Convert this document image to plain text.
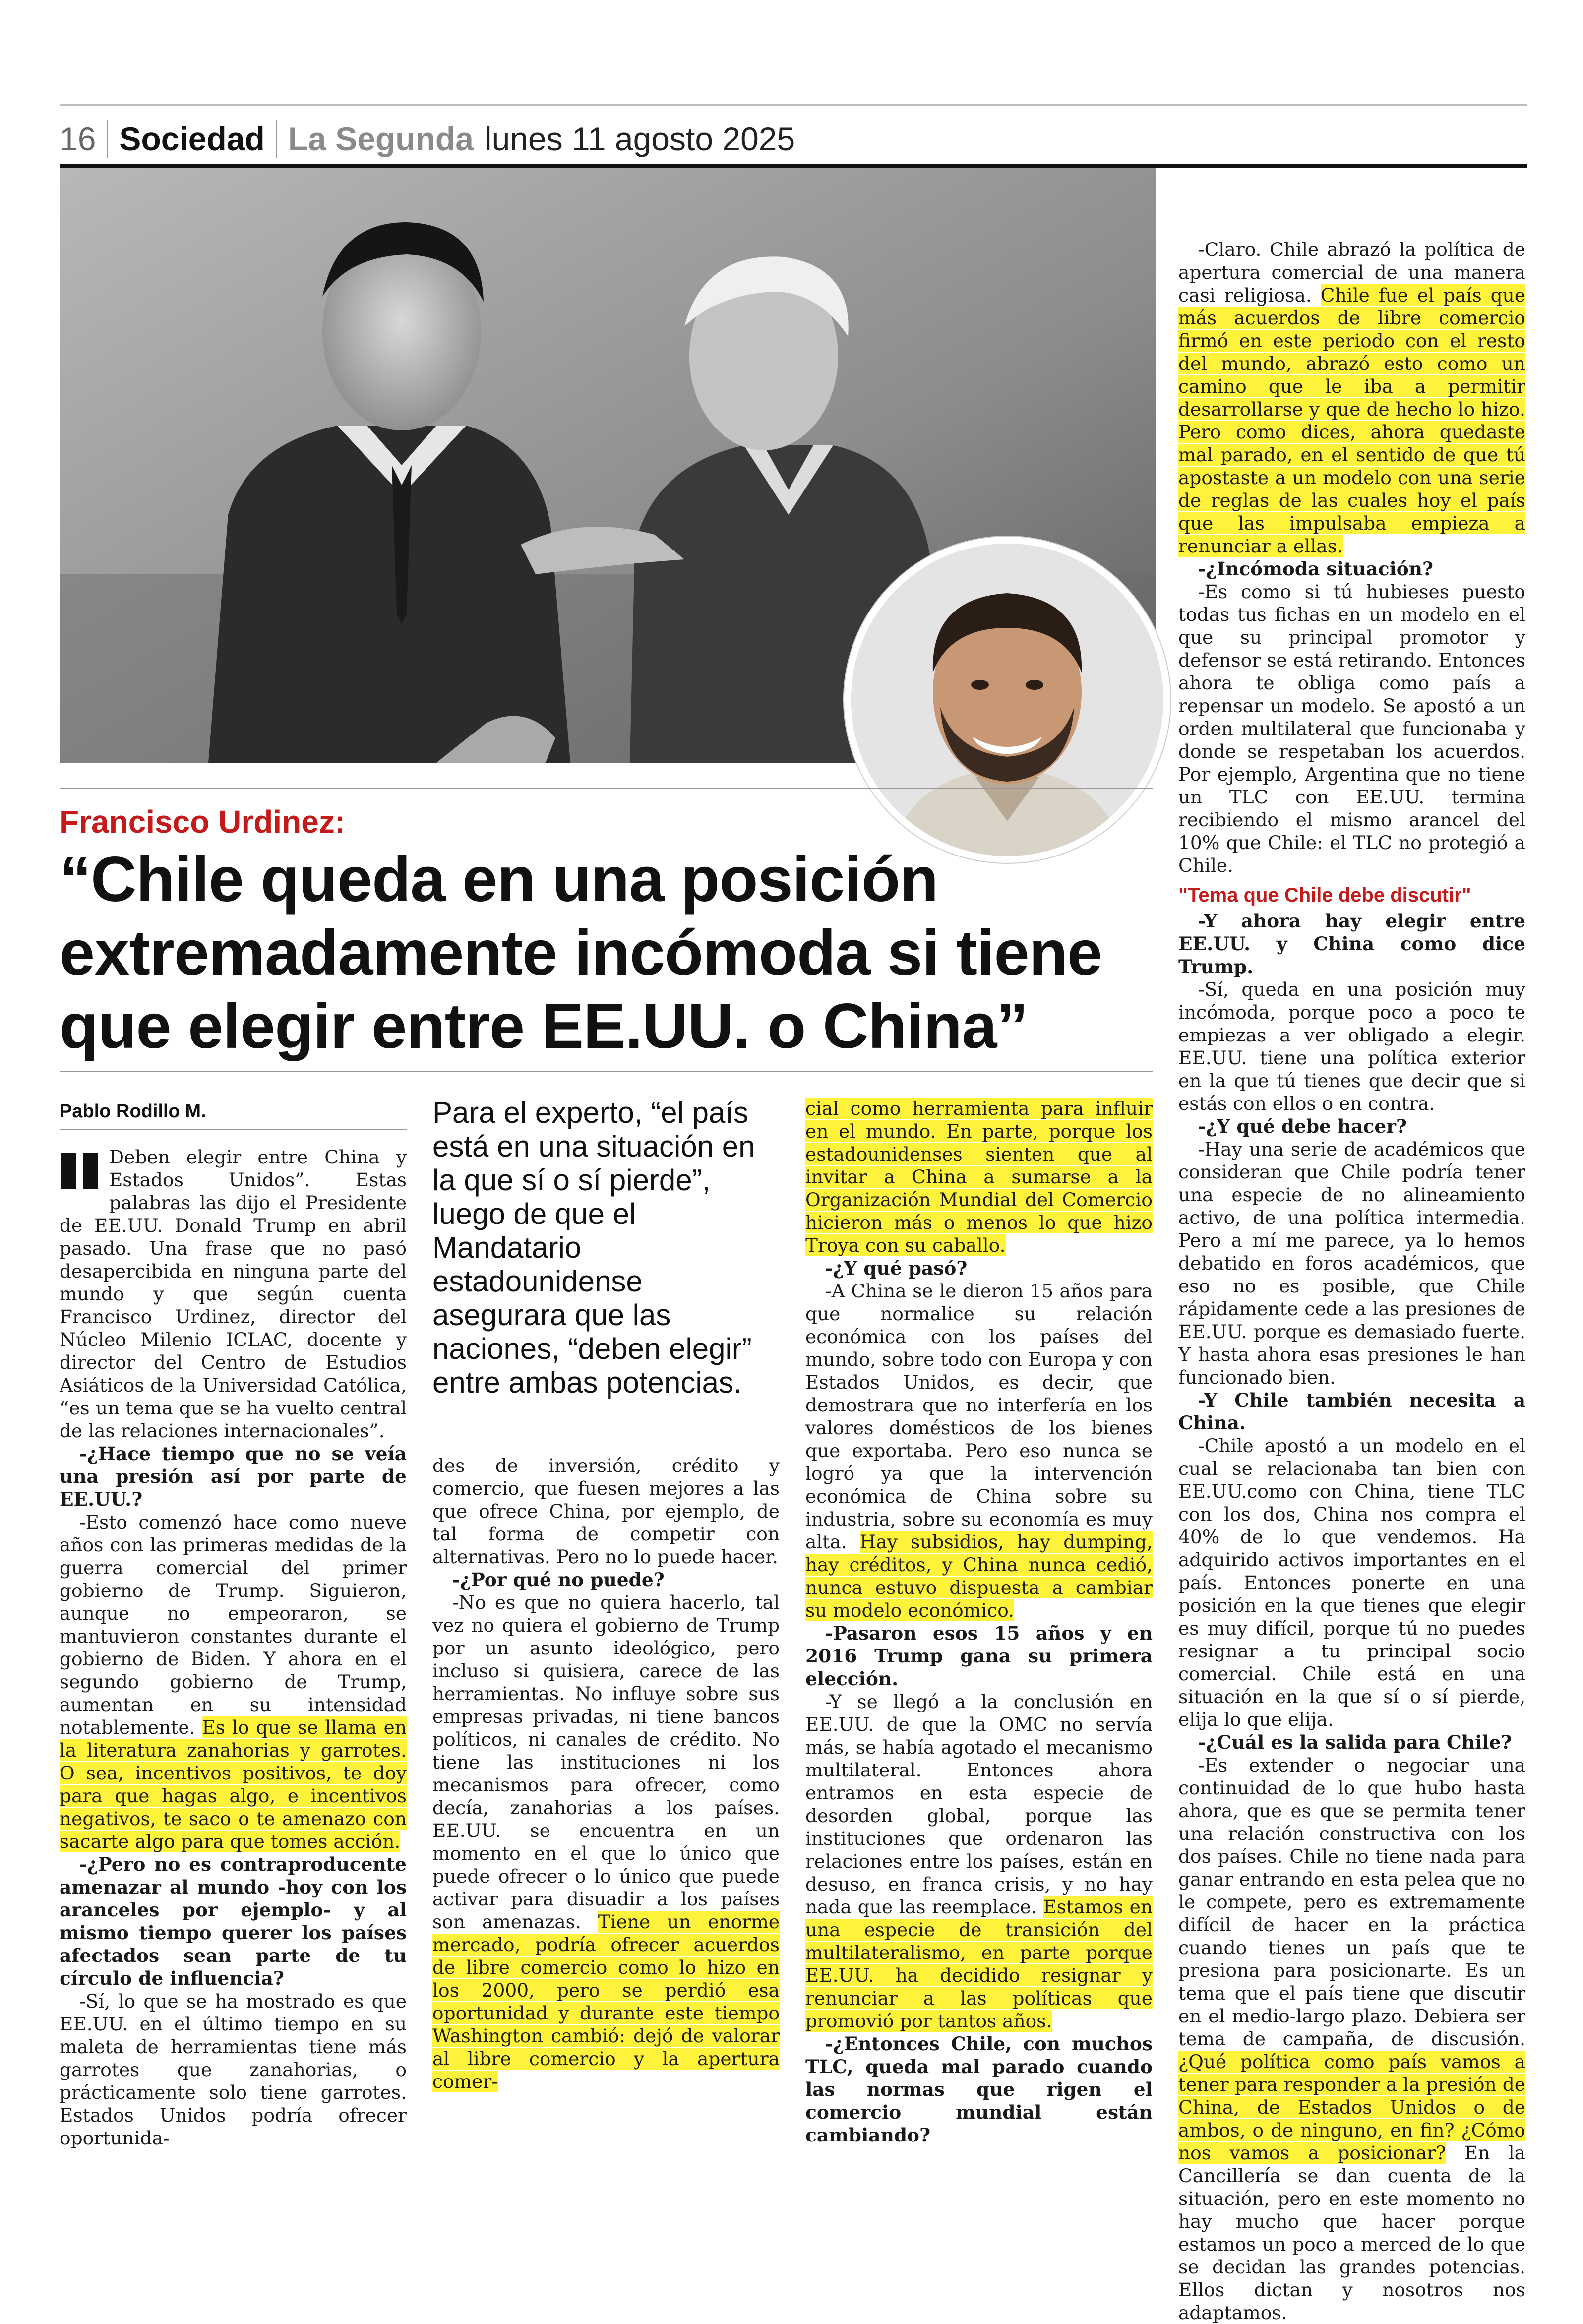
16 Sociedad La Segunda lunes 11 agosto 2025
Francisco Urdinez:
“Chile queda en una posición extremadamente incómoda si tiene que elegir entre EE.UU. o China”
Pablo Rodillo M.

Deben elegir entre China y Estados Unidos”. Estas palabras las dijo el Presidente de EE.UU. Donald Trump en abril pasado. Una frase que no pasó desapercibida en ninguna parte del mundo y que según cuenta Francisco Urdinez, director del Núcleo Milenio ICLAC, docente y director del Centro de Estudios Asiáticos de la Universidad Católica, “es un tema que se ha vuelto central de las relaciones internacionales”.

-¿Hace tiempo que no se veía una presión así por parte de EE.UU.?

-Esto comenzó hace como nueve años con las primeras medidas de la guerra comercial del primer gobierno de Trump. Siguieron, aunque no empeoraron, se mantuvieron constantes durante el gobierno de Biden. Y ahora en el segundo gobierno de Trump, aumentan en su intensidad notablemente. Es lo que se llama en la literatura zanahorias y garrotes. O sea, incentivos positivos, te doy para que hagas algo, e incentivos negativos, te saco o te amenazo con sacarte algo para que tomes acción.

-¿Pero no es contraproducente amenazar al mundo -hoy con los aranceles por ejemplo- y al mismo tiempo querer los países afectados sean parte de tu círculo de influencia?

-Sí, lo que se ha mostrado es que EE.UU. en el último tiempo en su maleta de herramientas tiene más garrotes que zanahorias, o prácticamente solo tiene garrotes. Estados Unidos podría ofrecer oportunida-

Para el experto, “el país está en una situación en la que sí o sí pierde”, luego de que el Mandatario estadounidense asegurara que las naciones, “deben elegir” entre ambas potencias.

des de inversión, crédito y comercio, que fuesen mejores a las que ofrece China, por ejemplo, de tal forma de competir con alternativas. Pero no lo puede hacer.

-¿Por qué no puede?

-No es que no quiera hacerlo, tal vez no quiera el gobierno de Trump por un asunto ideológico, pero incluso si quisiera, carece de las herramientas. No influye sobre sus empresas privadas, ni tiene bancos políticos, ni canales de crédito. No tiene las instituciones ni los mecanismos para ofrecer, como decía, zanahorias a los países. EE.UU. se encuentra en un momento en el que lo único que puede ofrecer o lo único que puede activar para disuadir a los países son amenazas. Tiene un enorme mercado, podría ofrecer acuerdos de libre comercio como lo hizo en los 2000, pero se perdió esa oportunidad y durante este tiempo Washington cambió: dejó de valorar al libre comercio y la apertura comer-

cial como herramienta para influir en el mundo. En parte, porque los estadounidenses sienten que al invitar a China a sumarse a la Organización Mundial del Comercio hicieron más o menos lo que hizo Troya con su caballo.

-¿Y qué pasó?

-A China se le dieron 15 años para que normalice su relación económica con los países del mundo, sobre todo con Europa y con Estados Unidos, es decir, que demostrara que no interfería en los valores domésticos de los bienes que exportaba. Pero eso nunca se logró ya que la intervención económica de China sobre su industria, sobre su economía es muy alta. Hay subsidios, hay dumping, hay créditos, y China nunca cedió, nunca estuvo dispuesta a cambiar su modelo económico.

-Pasaron esos 15 años y en 2016 Trump gana su primera elección.

-Y se llegó a la conclusión en EE.UU. de que la OMC no servía más, se había agotado el mecanismo multilateral. Entonces ahora entramos en esta especie de desorden global, porque las instituciones que ordenaron las relaciones entre los países, están en desuso, en franca crisis, y no hay nada que las reemplace. Estamos en una especie de transición del multilateralismo, en parte porque EE.UU. ha decidido resignar y renunciar a las políticas que promovió por tantos años.

-¿Entonces Chile, con muchos TLC, queda mal parado cuando las normas que rigen el comercio mundial están cambiando?

-Claro. Chile abrazó la política de apertura comercial de una manera casi religiosa. Chile fue el país que más acuerdos de libre comercio firmó en este periodo con el resto del mundo, abrazó esto como un camino que le iba a permitir desarrollarse y que de hecho lo hizo. Pero como dices, ahora quedaste mal parado, en el sentido de que tú apostaste a un modelo con una serie de reglas de las cuales hoy el país que las impulsaba empieza a renunciar a ellas.

-¿Incómoda situación?

-Es como si tú hubieses puesto todas tus fichas en un modelo en el que su principal promotor y defensor se está retirando. Entonces ahora te obliga como país a repensar un modelo. Se apostó a un orden multilateral que funcionaba y donde se respetaban los acuerdos. Por ejemplo, Argentina que no tiene un TLC con EE.UU. termina recibiendo el mismo arancel del 10% que Chile: el TLC no protegió a Chile.

"Tema que Chile debe discutir"

-Y ahora hay elegir entre EE.UU. y China como dice Trump.

-Sí, queda en una posición muy incómoda, porque poco a poco te empiezas a ver obligado a elegir. EE.UU. tiene una política exterior en la que tú tienes que decir que si estás con ellos o en contra.

-¿Y qué debe hacer?

-Hay una serie de académicos que consideran que Chile podría tener una especie de no alineamiento activo, de una política intermedia. Pero a mí me parece, ya lo hemos debatido en foros académicos, que eso no es posible, que Chile rápidamente cede a las presiones de EE.UU. porque es demasiado fuerte. Y hasta ahora esas presiones le han funcionado bien.

-Y Chile también necesita a China.

-Chile apostó a un modelo en el cual se relacionaba tan bien con EE.UU.como con China, tiene TLC con los dos, China nos compra el 40% de lo que vendemos. Ha adquirido activos importantes en el país. Entonces ponerte en una posición en la que tienes que elegir es muy difícil, porque tú no puedes resignar a tu principal socio comercial. Chile está en una situación en la que sí o sí pierde, elija lo que elija.

-¿Cuál es la salida para Chile?

-Es extender o negociar una continuidad de lo que hubo hasta ahora, que es que se permita tener una relación constructiva con los dos países. Chile no tiene nada para ganar entrando en esta pelea que no le compete, pero es extremamente difícil de hacer en la práctica cuando tienes un país que te presiona para posicionarte. Es un tema que el país tiene que discutir en el medio-largo plazo. Debiera ser tema de campaña, de discusión. ¿Qué política como país vamos a tener para responder a la presión de China, de Estados Unidos o de ambos, o de ninguno, en fin? ¿Cómo nos vamos a posicionar? En la Cancillería se dan cuenta de la situación, pero en este momento no hay mucho que hacer porque estamos un poco a merced de lo que se decidan las grandes potencias. Ellos dictan y nosotros nos adaptamos.
